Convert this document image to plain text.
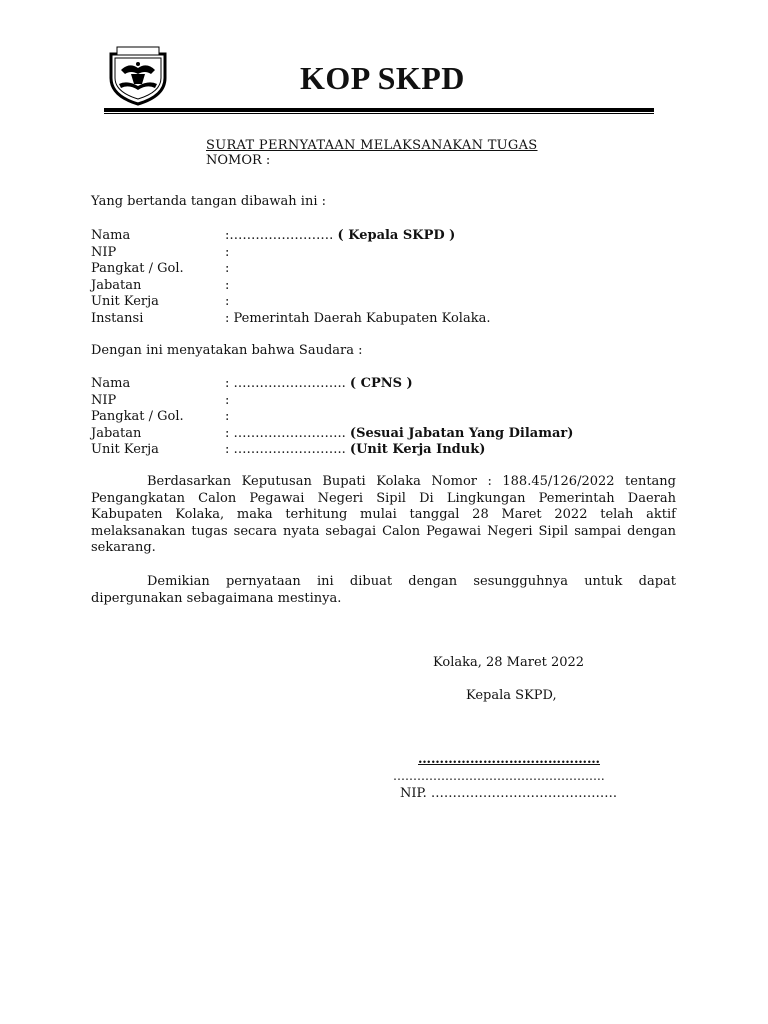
KOP SKPD
SURAT PERNYATAAN MELAKSANAKAN TUGAS
NOMOR :

Yang bertanda tangan dibawah ini :

Nama	:…………………… ( Kepala SKPD )
NIP	:
Pangkat / Gol.	:
Jabatan	:
Unit Kerja	:
Instansi	: Pemerintah Daerah Kabupaten Kolaka.

Dengan ini menyatakan bahwa Saudara :

Nama	: …………………….. ( CPNS )
NIP	:
Pangkat / Gol.	:
Jabatan	: …………………….. (Sesuai Jabatan Yang Dilamar)
Unit Kerja	: …………………….. (Unit Kerja Induk)

Berdasarkan Keputusan Bupati Kolaka Nomor : 188.45/126/2022 tentang Pengangkatan Calon Pegawai Negeri Sipil Di Lingkungan Pemerintah Daerah Kabupaten Kolaka, maka terhitung mulai tanggal 28 Maret 2022 telah aktif melaksanakan tugas secara nyata sebagai Calon Pegawai Negeri Sipil sampai dengan sekarang.

Demikian pernyataan ini dibuat dengan sesungguhnya untuk dapat dipergunakan sebagaimana mestinya.

Kolaka, 28 Maret 2022
Kepala SKPD,
……………………………………
……………………………………………..
NIP. …………………………………….
